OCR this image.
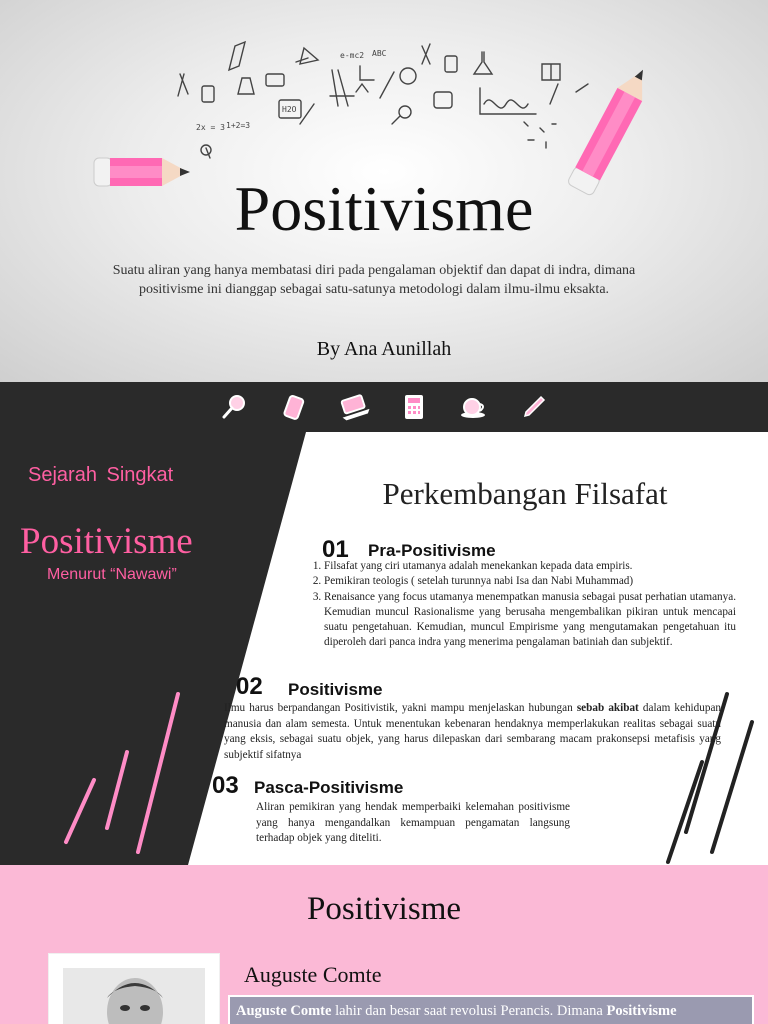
2x = 3
e-mc2 ABC
H2O
1+2=3
Positivisme
Suatu aliran yang hanya membatasi diri pada pengalaman objektif dan dapat di indra, dimana positivisme ini dianggap sebagai satu-satunya metodologi dalam ilmu-ilmu eksakta.
By Ana Aunillah
Sejarah Singkat
Positivisme
Menurut “Nawawi”
Perkembangan Filsafat
01 Pra-Positivisme
1. Filsafat yang ciri utamanya adalah menekankan kepada data empiris.
2. Pemikiran teologis ( setelah turunnya nabi Isa dan Nabi Muhammad)
3. Renaisance yang focus utamanya menempatkan manusia sebagai pusat perhatian utamanya. Kemudian muncul Rasionalisme yang berusaha mengembalikan pikiran untuk mencapai suatu pengetahuan. Kemudian, muncul Empirisme yang mengutamakan pengetahuan itu diperoleh dari panca indra yang menerima pengalaman batiniah dan subjektif.
02 Positivisme
Ilmu harus berpandangan Positivistik, yakni mampu menjelaskan hubungan sebab akibat dalam kehidupan manusia dan alam semesta. Untuk menentukan kebenaran hendaknya memperlakukan realitas sebagai suatu yang eksis, sebagai suatu objek, yang harus dilepaskan dari sembarang macam prakonsepsi metafisis yang subjektif sifatnya
03 Pasca-Positivisme
Aliran pemikiran yang hendak memperbaiki kelemahan positivisme yang hanya mengandalkan kemampuan pengamatan langsung terhadap objek yang diteliti.
Positivisme
Auguste Comte
Auguste Comte lahir dan besar saat revolusi Perancis. Dimana Positivisme
